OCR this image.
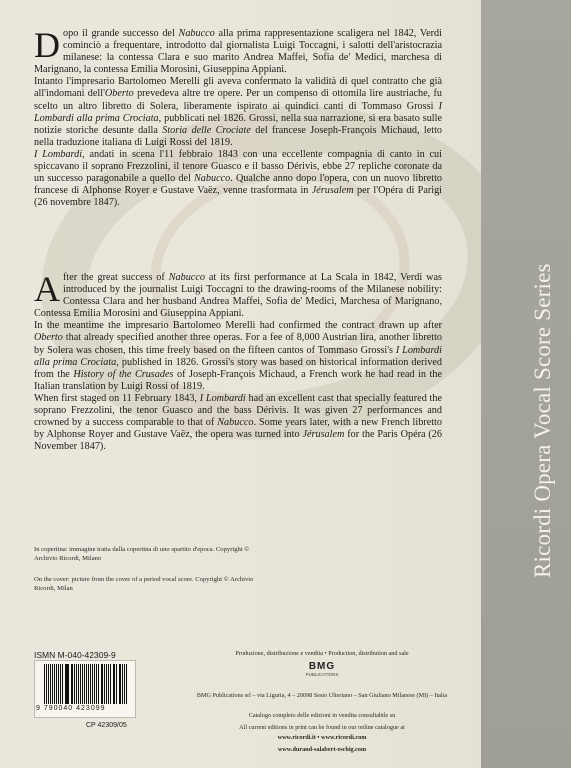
Ricordi Opera Vocal Score Series

Dopo il grande successo del Nabucco alla prima rappresentazione scaligera nel 1842, Verdi cominciò a frequentare, introdotto dal giornalista Luigi Toccagni, i salotti dell'aristocrazia milanese: la contessa Clara e suo marito Andrea Maffei, Sofia de' Medici, marchesa di Marignano, la contessa Emilia Morosini, Giuseppina Appiani.

Intanto l'impresario Bartolomeo Merelli gli aveva confermato la validità di quel contratto che già all'indomani dell'Oberto prevedeva altre tre opere. Per un compenso di ottomila lire austriache, fu scelto un altro libretto di Solera, liberamente ispirato ai quindici canti di Tommaso Grossi I Lombardi alla prima Crociata, pubblicati nel 1826. Grossi, nella sua narrazione, si era basato sulle notizie storiche desunte dalla Storia delle Crociate del francese Joseph-François Michaud, letto nella traduzione italiana di Luigi Rossi del 1819.

I Lombardi, andati in scena l'11 febbraio 1843 con una eccellente compagnia di canto in cui spiccavano il soprano Frezzolini, il tenore Guasco e il basso Dérivis, ebbe 27 repliche coronate da un successo paragonabile a quello del Nabucco. Qualche anno dopo l'opera, con un nuovo libretto francese di Alphonse Royer e Gustave Vaëz, venne trasformata in Jérusalem per l'Opéra di Parigi (26 novembre 1847).

After the great success of Nabucco at its first performance at La Scala in 1842, Verdi was introduced by the journalist Luigi Toccagni to the drawing-rooms of the Milanese nobility: Contessa Clara and her husband Andrea Maffei, Sofia de' Medici, Marchesa of Marignano, Contessa Emilia Morosini and Giuseppina Appiani.

In the meantime the impresario Bartolomeo Merelli had confirmed the contract drawn up after Oberto that already specified another three operas. For a fee of 8,000 Austrian lira, another libretto by Solera was chosen, this time freely based on the fifteen cantos of Tommaso Grossi's I Lombardi alla prima Crociata, published in 1826. Grossi's story was based on historical information derived from the History of the Crusades of Joseph-François Michaud, a French work he had read in the Italian translation by Luigi Rossi of 1819.

When first staged on 11 February 1843, I Lombardi had an excellent cast that specially featured the soprano Frezzolini, the tenor Guasco and the bass Dérivis. It was given 27 performances and crowned by a success comparable to that of Nabucco. Some years later, with a new French libretto by Alphonse Royer and Gustave Vaëz, the opera was turned into Jérusalem for the Paris Opéra (26 November 1847).

In copertina: immagine tratta dalla copertina di uno spartito d'epoca. Copyright © Archivio Ricordi, Milano
On the cover: picture from the cover of a period vocal score. Copyright © Archivio Ricordi, Milan
ISMN M-040-42309-9
9 790040 423099
CP 42309/05
Produzione, distribuzione e vendita • Production, distribution and sale
BMG
PUBLICATIONS
BMG Publications srl – via Liguria, 4 – 20098 Sesto Ulteriano – San Giuliano Milanese (MI) – Italia
Catalogo completo delle edizioni in vendita consultabile su
All current editions in print can be found in our online catalogue at
www.ricordi.it • www.ricordi.com
www.durand-salabert-eschig.com
